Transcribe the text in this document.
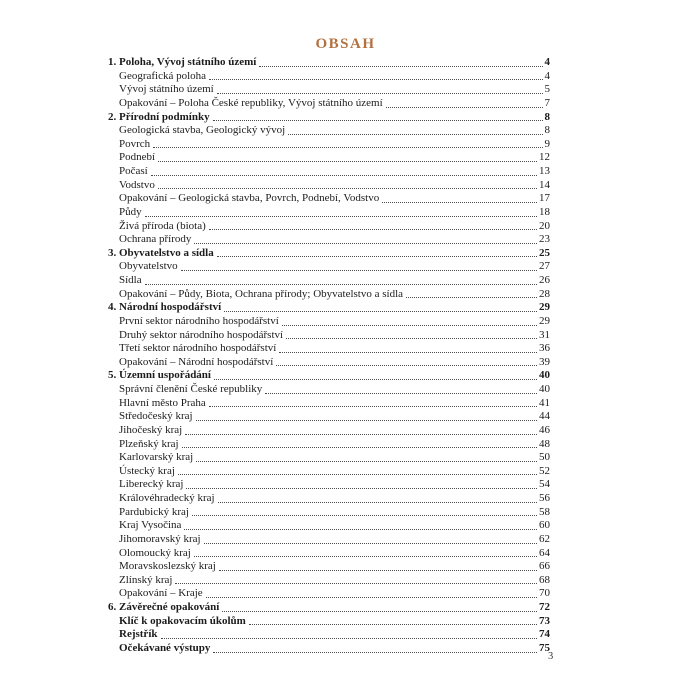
OBSAH
1. Poloha, Vývoj státního území	4
Geografická poloha	4
Vývoj státního území	5
Opakování – Poloha České republiky, Vývoj státního území	7
2. Přírodní podmínky	8
Geologická stavba, Geologický vývoj	8
Povrch	9
Podnebí	12
Počasí	13
Vodstvo	14
Opakování – Geologická stavba, Povrch, Podnebí, Vodstvo	17
Půdy	18
Živá příroda (biota)	20
Ochrana přírody	23
3. Obyvatelstvo a sídla	25
Obyvatelstvo	27
Sídla	26
Opakování – Půdy, Biota, Ochrana přírody; Obyvatelstvo a sídla	28
4. Národní hospodářství	29
První sektor národního hospodářství	29
Druhý sektor národního hospodářství	31
Třetí sektor národního hospodářství	36
Opakování – Národní hospodářství	39
5. Územní uspořádání	40
Správní členění České republiky	40
Hlavní město Praha	41
Středočeský kraj	44
Jihočeský kraj	46
Plzeňský kraj	48
Karlovarský kraj	50
Ústecký kraj	52
Liberecký kraj	54
Královéhradecký kraj	56
Pardubický kraj	58
Kraj Vysočina	60
Jihomoravský kraj	62
Olomoucký kraj	64
Moravskoslezský kraj	66
Zlínský kraj	68
Opakování – Kraje	70
6. Závěrečné opakování	72
Klíč k opakovacím úkolům	73
Rejstřík	74
Očekávané výstupy	75
3
